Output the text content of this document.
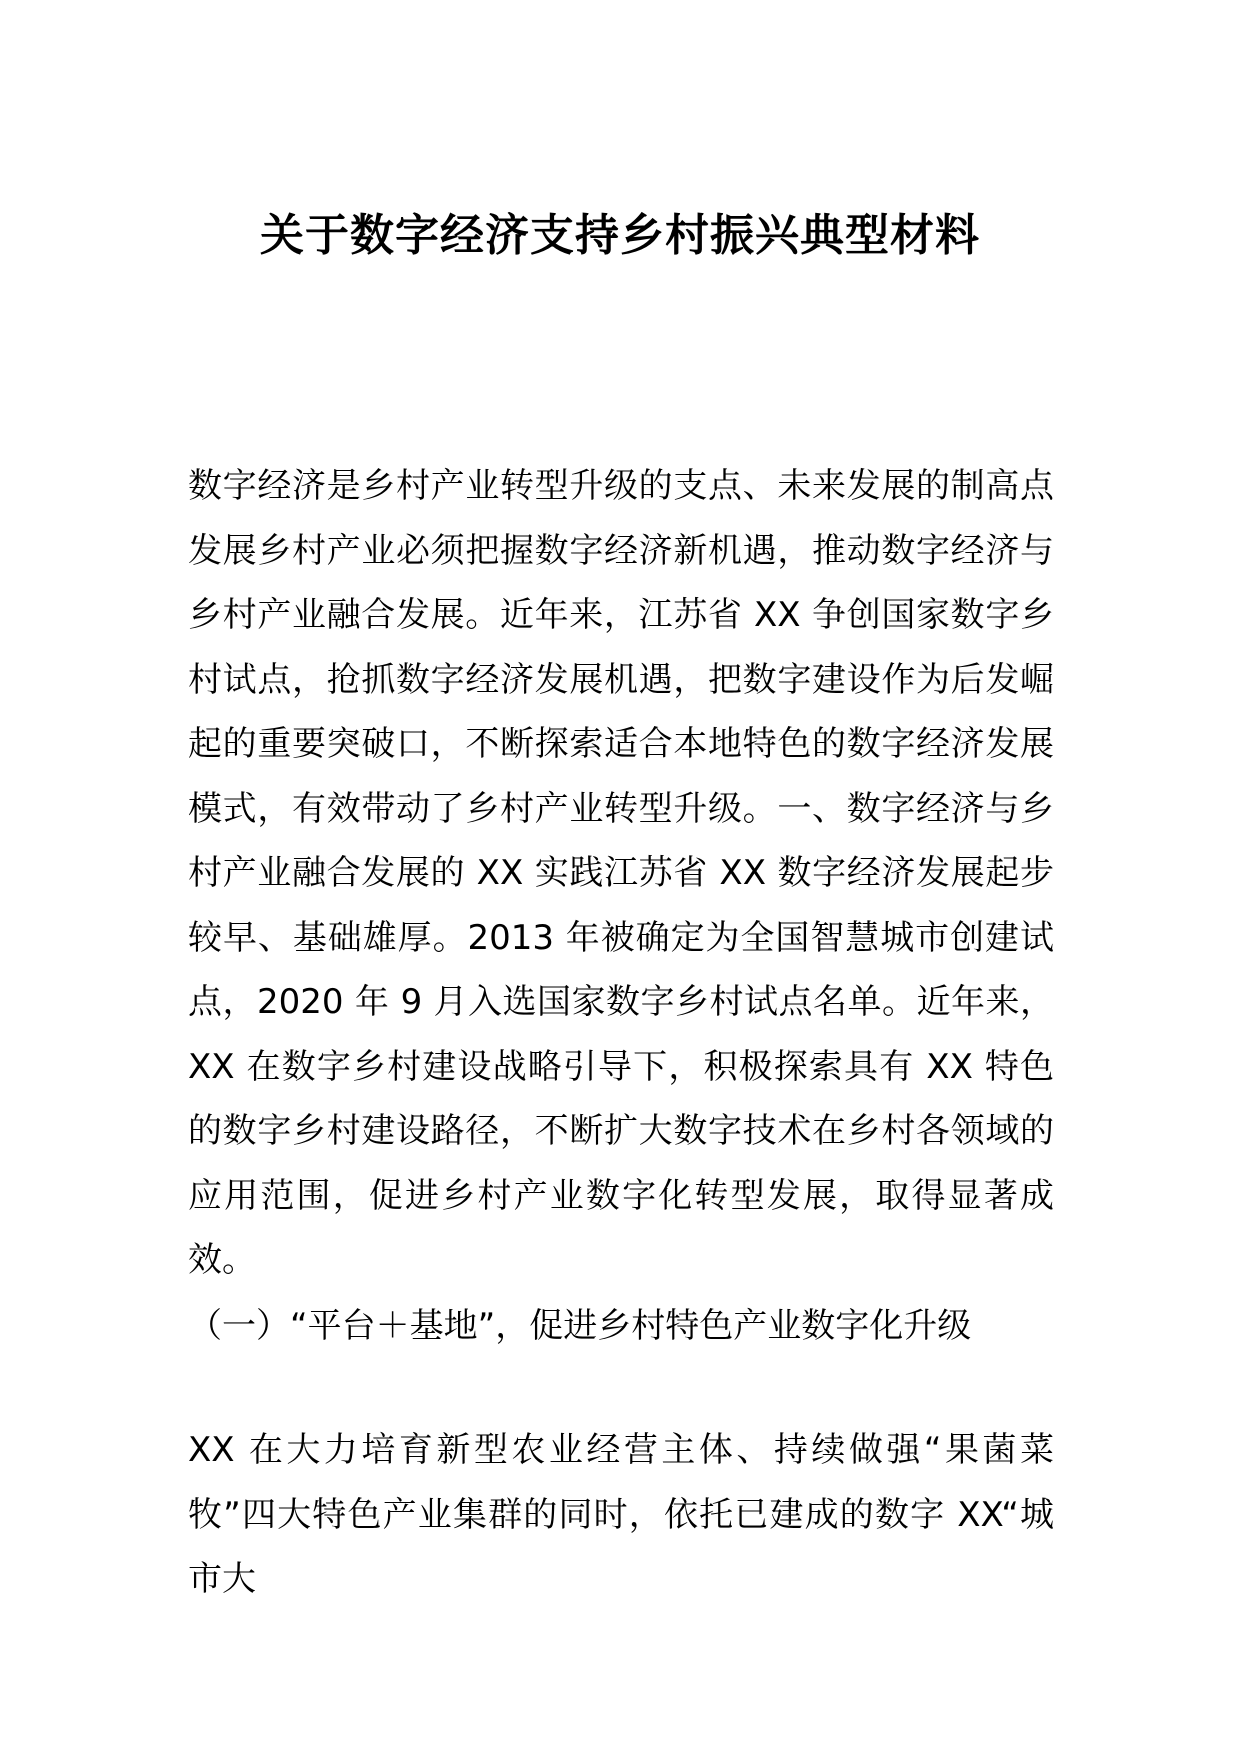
关于数字经济支持乡村振兴典型材料

数字经济是乡村产业转型升级的支点、未来发展的制高点发展乡村产业必须把握数字经济新机遇，推动数字经济与乡村产业融合发展。近年来，江苏省 XX 争创国家数字乡村试点，抢抓数字经济发展机遇，把数字建设作为后发崛起的重要突破口，不断探索适合本地特色的数字经济发展模式，有效带动了乡村产业转型升级。一、数字经济与乡村产业融合发展的 XX 实践江苏省 XX 数字经济发展起步较早、基础雄厚。2013 年被确定为全国智慧城市创建试点，2020 年 9 月入选国家数字乡村试点名单。近年来，XX 在数字乡村建设战略引导下，积极探索具有 XX 特色的数字乡村建设路径，不断扩大数字技术在乡村各领域的应用范围，促进乡村产业数字化转型发展，取得显著成效。

（一）“平台＋基地”，促进乡村特色产业数字化升级

XX 在大力培育新型农业经营主体、持续做强“果菌菜牧”四大特色产业集群的同时，依托已建成的数字 XX“城市大
